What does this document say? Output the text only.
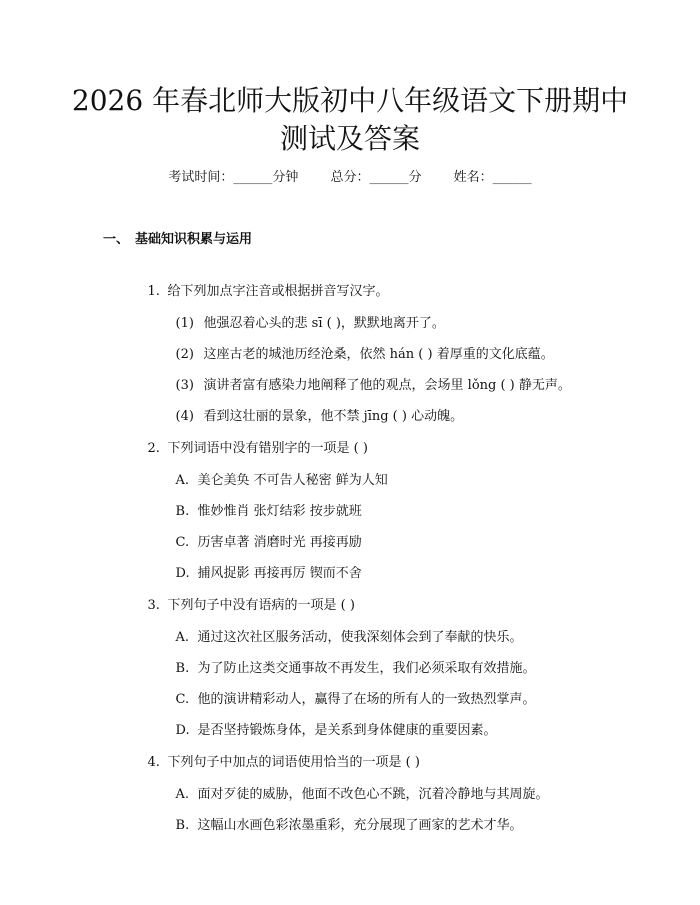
2026 年春北师大版初中八年级语文下册期中
测试及答案
考试时间：______分钟 总分：______分 姓名：______
一、 基础知识积累与运用

1. 给下列加点字注音或根据拼音写汉字。

(1) 他强忍着心头的悲 sī ( )，默默地离开了。

(2) 这座古老的城池历经沧桑，依然 hán ( ) 着厚重的文化底蕴。

(3) 演讲者富有感染力地阐释了他的观点，会场里 lǒng ( ) 静无声。

(4) 看到这壮丽的景象，他不禁 jīng ( ) 心动魄。

2. 下列词语中没有错别字的一项是 ( )

A. 美仑美奂 不可告人秘密 鲜为人知

B. 惟妙惟肖 张灯结彩 按步就班

C. 历害卓著 消磨时光 再接再励

D. 捕风捉影 再接再厉 锲而不舍

3. 下列句子中没有语病的一项是 ( )

A. 通过这次社区服务活动，使我深刻体会到了奉献的快乐。

B. 为了防止这类交通事故不再发生，我们必须采取有效措施。

C. 他的演讲精彩动人，赢得了在场的所有人的一致热烈掌声。

D. 是否坚持锻炼身体，是关系到身体健康的重要因素。

4. 下列句子中加点的词语使用恰当的一项是 ( )

A. 面对歹徒的威胁，他面不改色心不跳，沉着冷静地与其周旋。

B. 这幅山水画色彩浓墨重彩，充分展现了画家的艺术才华。
